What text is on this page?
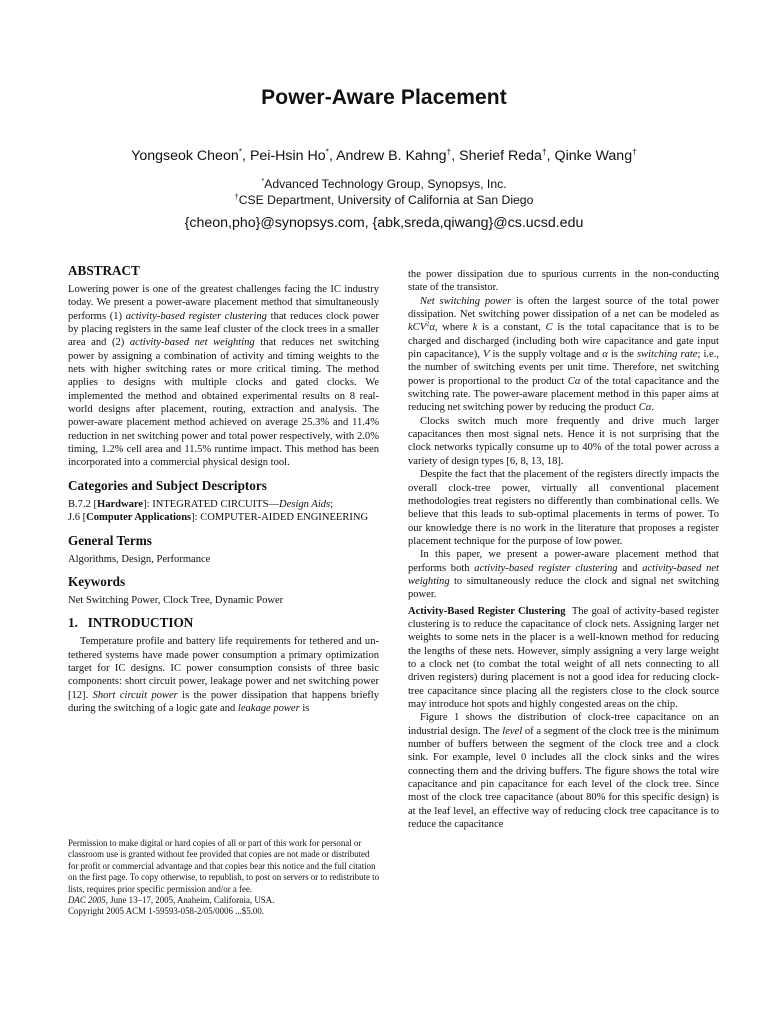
Power-Aware Placement
Yongseok Cheon*, Pei-Hsin Ho*, Andrew B. Kahng†, Sherief Reda†, Qinke Wang†
*Advanced Technology Group, Synopsys, Inc.
†CSE Department, University of California at San Diego
{cheon,pho}@synopsys.com, {abk,sreda,qiwang}@cs.ucsd.edu
ABSTRACT

Lowering power is one of the greatest challenges facing the IC industry today. We present a power-aware placement method that simultaneously performs (1) activity-based register clustering that reduces clock power by placing registers in the same leaf cluster of the clock trees in a smaller area and (2) activity-based net weighting that reduces net switching power by assigning a combination of activity and timing weights to the nets with higher switching rates or more critical timing. The method applies to designs with multiple clocks and gated clocks. We implemented the method and obtained experimental results on 8 real-world designs after placement, routing, extraction and analysis. The power-aware placement method achieved on average 25.3% and 11.4% reduction in net switching power and total power respectively, with 2.0% timing, 1.2% cell area and 11.5% runtime impact. This method has been incorporated into a commercial physical design tool.

Categories and Subject Descriptors

B.7.2 [Hardware]: INTEGRATED CIRCUITS—Design Aids;
J.6 [Computer Applications]: COMPUTER-AIDED ENGINEERING

General Terms

Algorithms, Design, Performance

Keywords

Net Switching Power, Clock Tree, Dynamic Power

1.   INTRODUCTION

Temperature profile and battery life requirements for tethered and un-tethered systems have made power consumption a primary optimization target for IC designs. IC power consumption consists of three basic components: short circuit power, leakage power and net switching power [12]. Short circuit power is the power dissipation that happens briefly during the switching of a logic gate and leakage power is

Permission to make digital or hard copies of all or part of this work for personal or classroom use is granted without fee provided that copies are not made or distributed for profit or commercial advantage and that copies bear this notice and the full citation on the first page. To copy otherwise, to republish, to post on servers or to redistribute to lists, requires prior specific permission and/or a fee.

DAC 2005, June 13–17, 2005, Anaheim, California, USA.

Copyright 2005 ACM 1-59593-058-2/05/0006 ...$5.00.

the power dissipation due to spurious currents in the non-conducting state of the transistor.

Net switching power is often the largest source of the total power dissipation. Net switching power dissipation of a net can be modeled as kCV$^2$α, where k is a constant, C is the total capacitance that is to be charged and discharged (including both wire capacitance and gate input pin capacitance), V is the supply voltage and α is the switching rate; i.e., the number of switching events per unit time. Therefore, net switching power is proportional to the product Cα of the total capacitance and the switching rate. The power-aware placement method in this paper aims at reducing net switching power by reducing the product Cα.

Clocks switch much more frequently and drive much larger capacitances then most signal nets. Hence it is not surprising that the clock networks typically consume up to 40% of the total power across a variety of design types [6, 8, 13, 18].

Despite the fact that the placement of the registers directly impacts the overall clock-tree power, virtually all conventional placement methodologies treat registers no differently than combinational cells. We believe that this leads to sub-optimal placements in terms of power. To our knowledge there is no work in the literature that proposes a register placement technique for the purpose of low power.

In this paper, we present a power-aware placement method that performs both activity-based register clustering and activity-based net weighting to simultaneously reduce the clock and signal net switching power.

Activity-Based Register Clustering  The goal of activity-based register clustering is to reduce the capacitance of clock nets. Assigning larger net weights to some nets in the placer is a well-known method for reducing the lengths of these nets. However, simply assigning a very large weight to a clock net (to combat the total weight of all nets connecting to all driven registers) during placement is not a good idea for reducing clock-tree capacitance since placing all the registers close to the clock source may introduce hot spots and highly congested areas on the chip.

Figure 1 shows the distribution of clock-tree capacitance on an industrial design. The level of a segment of the clock tree is the minimum number of buffers between the segment of the clock tree and a clock sink. For example, level 0 includes all the clock sinks and the wires connecting them and the driving buffers. The figure shows the total wire capacitance and pin capacitance for each level of the clock tree. Since most of the clock tree capacitance (about 80% for this specific design) is at the leaf level, an effective way of reducing clock tree capacitance is to reduce the capacitance
